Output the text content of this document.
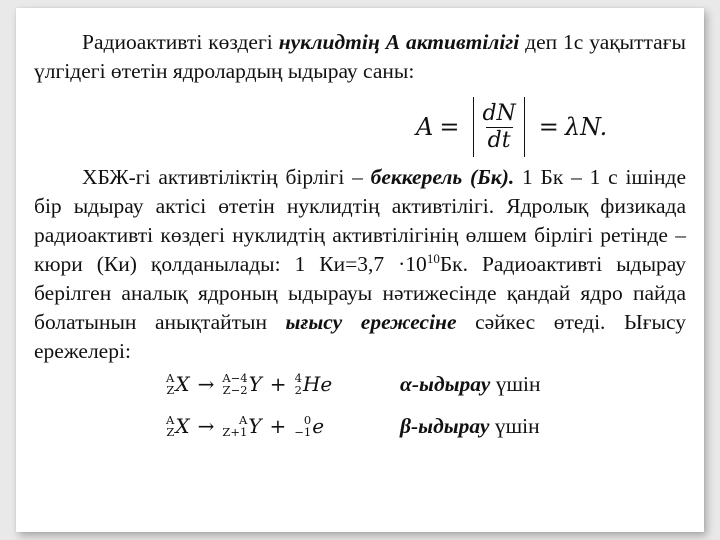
Радиоактивті көздегі нуклидтің А активтілігі деп 1с уақыттағы үлгідегі өтетін ядролардың ыдырау саны:
$A = \frac{dN}{dt} = \lambda N$.
ХБЖ-гі активтіліктің бірлігі – беккерель (Бк). 1 Бк – 1 с ішінде бір ыдырау актісі өтетін нуклидтің активтілігі. Ядролық физикада радиоактивті көздегі нуклидтің активтілігінің өлшем бірлігі ретінде – кюри (Ки) қолданылады: 1 $Ки=3,7 \cdot 10^{10}Бк$. Радиоактивті ыдырау берілген аналық ядроның ыдырауы нәтижесінде қандай ядро пайда болатынын анықтайтын ығысу ережесіне сәйкес өтеді. Ығысу ережелері:
A
Z X → A−4
Z−2 Y + 4
2 He	α-ыдырау үшін
A
Z X → A
Z+1 Y + 0
−1 e	β-ыдырау үшін
